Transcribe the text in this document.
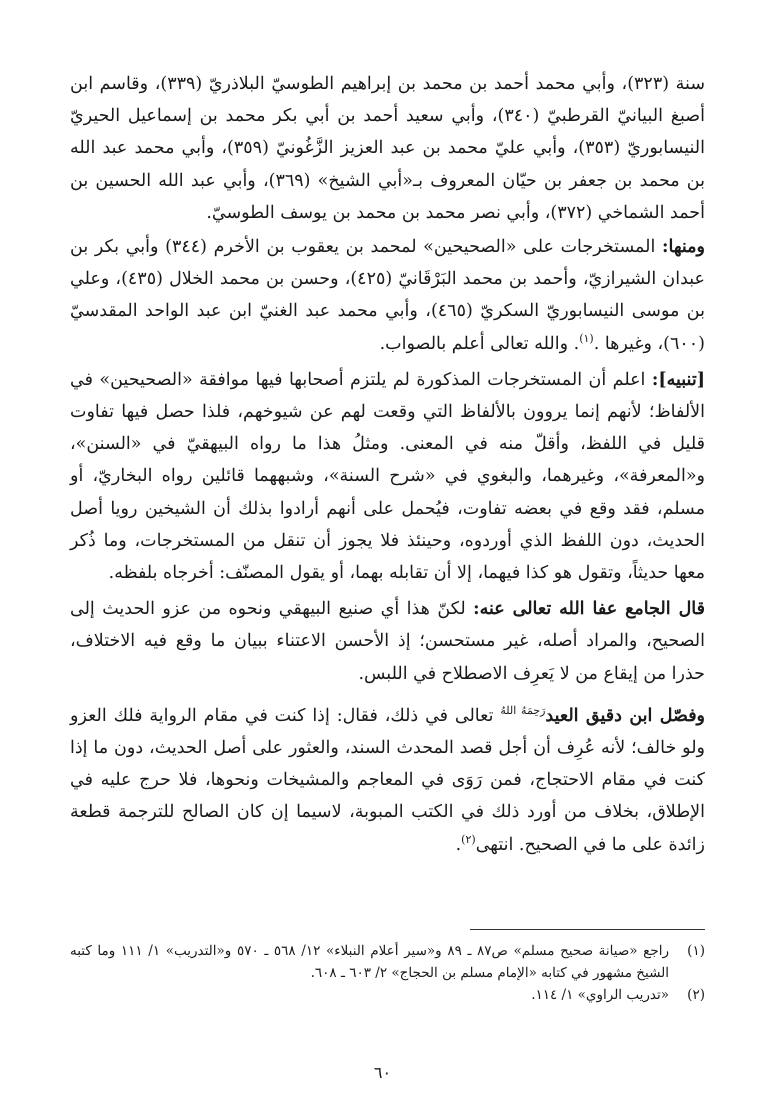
سنة (٣٢٣)، وأبي محمد أحمد بن محمد بن إبراهيم الطوسيّ البلاذريّ (٣٣٩)، وقاسم ابن أصبغ البيانيّ القرطبيّ (٣٤٠)، وأبي سعيد أحمد بن أبي بكر محمد بن إسماعيل الحيريّ النيسابوريّ (٣٥٣)، وأبي عليّ محمد بن عبد العزيز الزَّغُونيّ (٣٥٩)، وأبي محمد عبد الله بن محمد بن جعفر بن حيّان المعروف بـ«أبي الشيخ» (٣٦٩)، وأبي عبد الله الحسين بن أحمد الشماخي (٣٧٢)، وأبي نصر محمد بن محمد بن يوسف الطوسيّ.

ومنها: المستخرجات على «الصحيحين» لمحمد بن يعقوب بن الأخرم (٣٤٤) وأبي بكر بن عبدان الشيرازيّ، وأحمد بن محمد البَرْقَانيّ (٤٢٥)، وحسن بن محمد الخلال (٤٣٥)، وعلي بن موسى النيسابوريّ السكريّ (٤٦٥)، وأبي محمد عبد الغنيّ ابن عبد الواحد المقدسيّ (٦٠٠)، وغيرها .$^{(١)}$. والله تعالى أعلم بالصواب.

[تنبيه]: اعلم أن المستخرجات المذكورة لم يلتزم أصحابها فيها موافقة «الصحيحين» في الألفاظ؛ لأنهم إنما يروون بالألفاظ التي وقعت لهم عن شيوخهم، فلذا حصل فيها تفاوت قليل في اللفظ، وأقلّ منه في المعنى. ومثلُ هذا ما رواه البيهقيّ في «السنن»، و«المعرفة»، وغيرهما، والبغوي في «شرح السنة»، وشبههما قائلين رواه البخاريّ، أو مسلم، فقد وقع في بعضه تفاوت، فيُحمل على أنهم أرادوا بذلك أن الشيخين رويا أصل الحديث، دون اللفظ الذي أوردوه، وحينئذ فلا يجوز أن تنقل من المستخرجات، وما ذُكر معها حديثاً، وتقول هو كذا فيهما، إلا أن تقابله بهما، أو يقول المصنّف: أخرجاه بلفظه.

قال الجامع عفا الله تعالى عنه: لكنّ هذا أي صنيع البيهقي ونحوه من عزو الحديث إلى الصحيح، والمراد أصله، غير مستحسن؛ إذ الأحسن الاعتناء ببيان ما وقع فيه الاختلاف، حذرا من إيقاع من لا يَعرِف الاصطلاح في اللبس.

وفصّل ابن دقيق العيد$^{رَحِمَهُ اللهُ}$ تعالى في ذلك، فقال: إذا كنت في مقام الرواية فلك العزو ولو خالف؛ لأنه عُرِف أن أجل قصد المحدث السند، والعثور على أصل الحديث، دون ما إذا كنت في مقام الاحتجاج، فمن رَوَى في المعاجم والمشيخات ونحوها، فلا حرج عليه في الإطلاق، بخلاف من أورد ذلك في الكتب المبوبة، لاسيما إن كان الصالح للترجمة قطعة زائدة على ما في الصحيح. انتهى$^{(٢)}$.

(١)
راجع «صيانة صحيح مسلم» ص٨٧ ـ ٨٩ و«سير أعلام النبلاء» ١٢/ ٥٦٨ ـ ٥٧٠ و«التدريب» ١/ ١١١ وما كتبه الشيخ مشهور في كتابه «الإمام مسلم بن الحجاج» ٢/ ٦٠٣ ـ ٦٠٨.
(٢)
«تدريب الراوي» ١/ ١١٤.
٦٠
